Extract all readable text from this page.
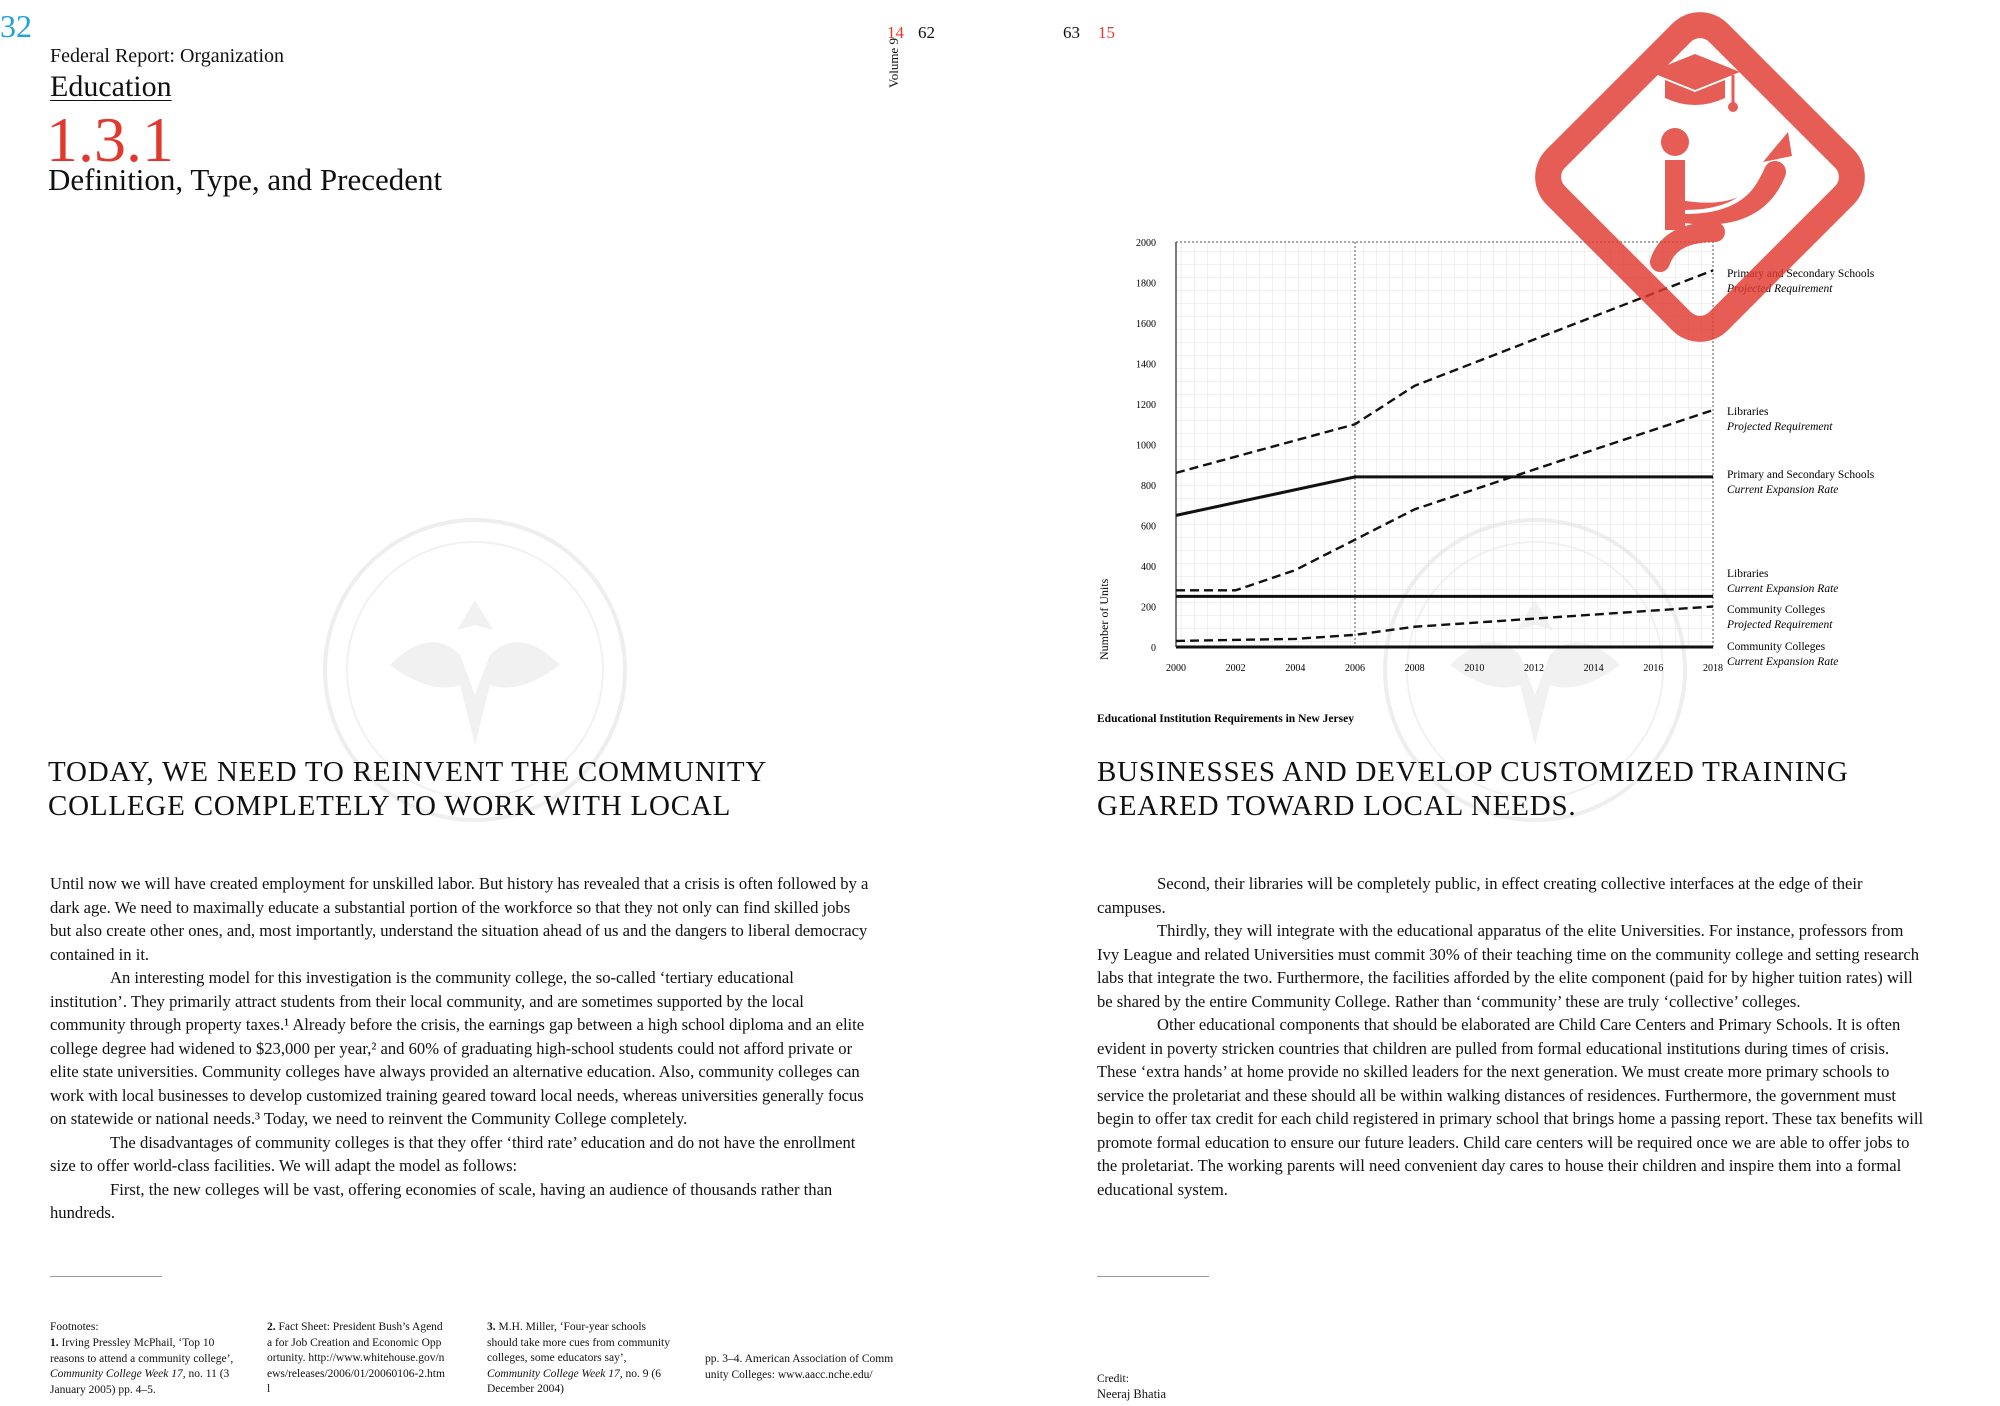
32	14 62	63 15
Volume 9
Federal Report: Organization
Education
1.3.1
Definition, Type, and Precedent
0
200
400
600
800
1000
1200
1400
1600
1800
2000
2000	2002	2004	2006	2008	2010	2012	2014	2016	2018
Primary and Secondary Schools
Projected Requirement
Libraries
Projected Requirement
Primary and Secondary Schools
Current Expansion Rate
Libraries
Current Expansion Rate
Community Colleges
Projected Requirement
Community Colleges
Current Expansion Rate
Number of Units
Educational Institution Requirements in New Jersey
TODAY, WE NEED TO REINVENT THE COMMUNITY COLLEGE COMPLETELY TO WORK WITH LOCAL
BUSINESSES AND DEVELOP CUSTOMIZED TRAINING GEARED TOWARD LOCAL NEEDS.

Until now we will have created employment for unskilled labor. But history has revealed that a crisis is often followed by a dark age. We need to maximally educate a substantial portion of the workforce so that they not only can find skilled jobs but also create other ones, and, most importantly, understand the situation ahead of us and the dangers to liberal democracy contained in it.

An interesting model for this investigation is the community college, the so-called ‘tertiary educational institution’. They primarily attract students from their local community, and are sometimes supported by the local community through property taxes.¹ Already before the crisis, the earnings gap between a high school diploma and an elite college degree had widened to $23,000 per year,² and 60% of graduating high-school students could not afford private or elite state universities. Community colleges have always provided an alternative education. Also, community colleges can work with local businesses to develop customized training geared toward local needs, whereas universities generally focus on statewide or national needs.³ Today, we need to reinvent the Community College completely.

The disadvantages of community colleges is that they offer ‘third rate’ education and do not have the enrollment size to offer world-class facilities. We will adapt the model as follows:

First, the new colleges will be vast, offering economies of scale, having an audience of thousands rather than hundreds.

Second, their libraries will be completely public, in effect creating collective interfaces at the edge of their campuses.

Thirdly, they will integrate with the educational apparatus of the elite Universities. For instance, professors from Ivy League and related Universities must commit 30% of their teaching time on the community college and setting research labs that integrate the two. Furthermore, the facilities afforded by the elite component (paid for by higher tuition rates) will be shared by the entire Community College. Rather than ‘community’ these are truly ‘collective’ colleges.

Other educational components that should be elaborated are Child Care Centers and Primary Schools. It is often evident in poverty stricken countries that children are pulled from formal educational institutions during times of crisis. These ‘extra hands’ at home provide no skilled leaders for the next generation. We must create more primary schools to service the proletariat and these should all be within walking distances of residences. Furthermore, the government must begin to offer tax credit for each child registered in primary school that brings home a passing report. These tax benefits will promote formal education to ensure our future leaders. Child care centers will be required once we are able to offer jobs to the proletariat. The working parents will need convenient day cares to house their children and inspire them into a formal educational system.

Footnotes:
1. Irving Pressley McPhail, ‘Top 10 reasons to attend a community college’, Community College Week 17, no. 11 (3 January 2005) pp. 4–5.
2. Fact Sheet: President Bush’s Agenda for Job Creation and Economic Opportunity. http://www.whitehouse.gov/news/releases/2006/01/20060106-2.html
3. M.H. Miller, ‘Four-year schools should take more cues from community colleges, some educators say’, Community College Week 17, no. 9 (6 December 2004)
pp. 3–4. American Association of Community Colleges: www.aacc.nche.edu/	Credit:
Neeraj Bhatia
